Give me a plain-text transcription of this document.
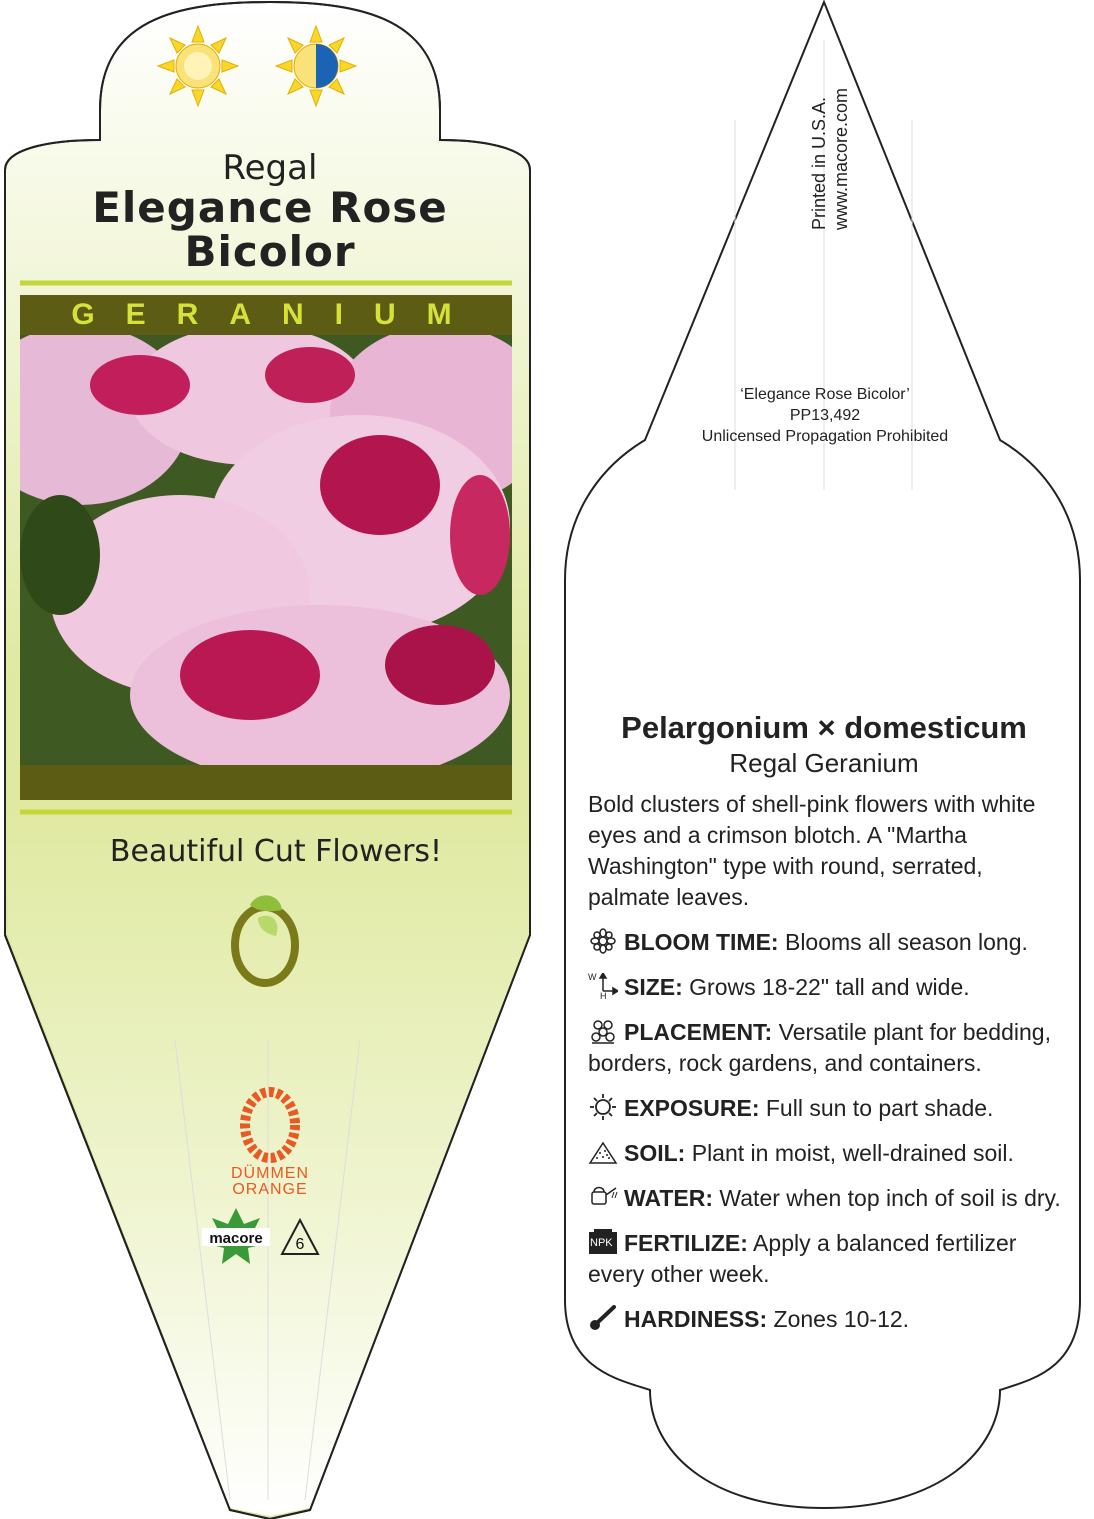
Regal
Elegance Rose
Bicolor
GERANIUM
Beautiful Cut Flowers!
DÜMMEN
ORANGE
macore	6
Printed in U.S.A. www.macore.com
‘Elegance Rose Bicolor’
PP13,492
Unlicensed Propagation Prohibited
Pelargonium × domesticum
Regal Geranium
Bold clusters of shell-pink flowers with white eyes and a crimson blotch. A "Martha Washington" type with round, serrated, palmate leaves.
BLOOM TIME: Blooms all season long.
W
H SIZE: Grows 18-22" tall and wide.
PLACEMENT: Versatile plant for bedding, borders, rock gardens, and containers.
EXPOSURE: Full sun to part shade.
SOIL: Plant in moist, well-drained soil.
WATER: Water when top inch of soil is dry.
NPK FERTILIZE: Apply a balanced fertilizer every other week.
HARDINESS: Zones 10-12.
